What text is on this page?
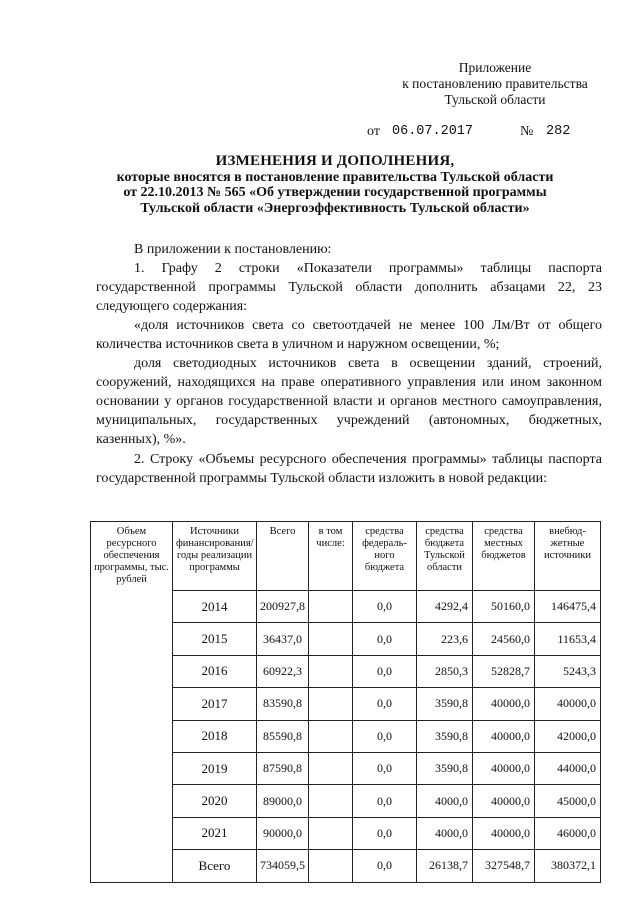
Приложение
к постановлению правительства
Тульской области
от 06.07.2017	№ 282
ИЗМЕНЕНИЯ И ДОПОЛНЕНИЯ,
которые вносятся в постановление правительства Тульской области
от 22.10.2013 № 565 «Об утверждении государственной программы
Тульской области «Энергоэффективность Тульской области»
В приложении к постановлению:
1. Графу 2 строки «Показатели программы» таблицы паспорта государственной программы Тульской области дополнить абзацами 22, 23 следующего содержания:
«доля источников света со светоотдачей не менее 100 Лм/Вт от общего количества источников света в уличном и наружном освещении, %;
доля светодиодных источников света в освещении зданий, строений, сооружений, находящихся на праве оперативного управления или ином законном основании у органов государственной власти и органов местного самоуправления, муниципальных, государственных учреждений (автономных, бюджетных, казенных), %».
2. Строку «Объемы ресурсного обеспечения программы» таблицы паспорта государственной программы Тульской области изложить в новой редакции:
Объем ресурсного обеспечения программы, тыс. рублей	Источники финансирования/ годы реализации программы	Всего	в том числе:	средства федераль-ного бюджета	средства бюджета Тульской области	средства местных бюджетов	внебюд-жетные источники
	2014	200927,8		0,0	4292,4	50160,0	146475,4
	2015	36437,0		0,0	223,6	24560,0	11653,4
	2016	60922,3		0,0	2850,3	52828,7	5243,3
	2017	83590,8		0,0	3590,8	40000,0	40000,0
	2018	85590,8		0,0	3590,8	40000,0	42000,0
	2019	87590,8		0,0	3590,8	40000,0	44000,0
	2020	89000,0		0,0	4000,0	40000,0	45000,0
	2021	90000,0		0,0	4000,0	40000,0	46000,0
	Всего	734059,5		0,0	26138,7	327548,7	380372,1
